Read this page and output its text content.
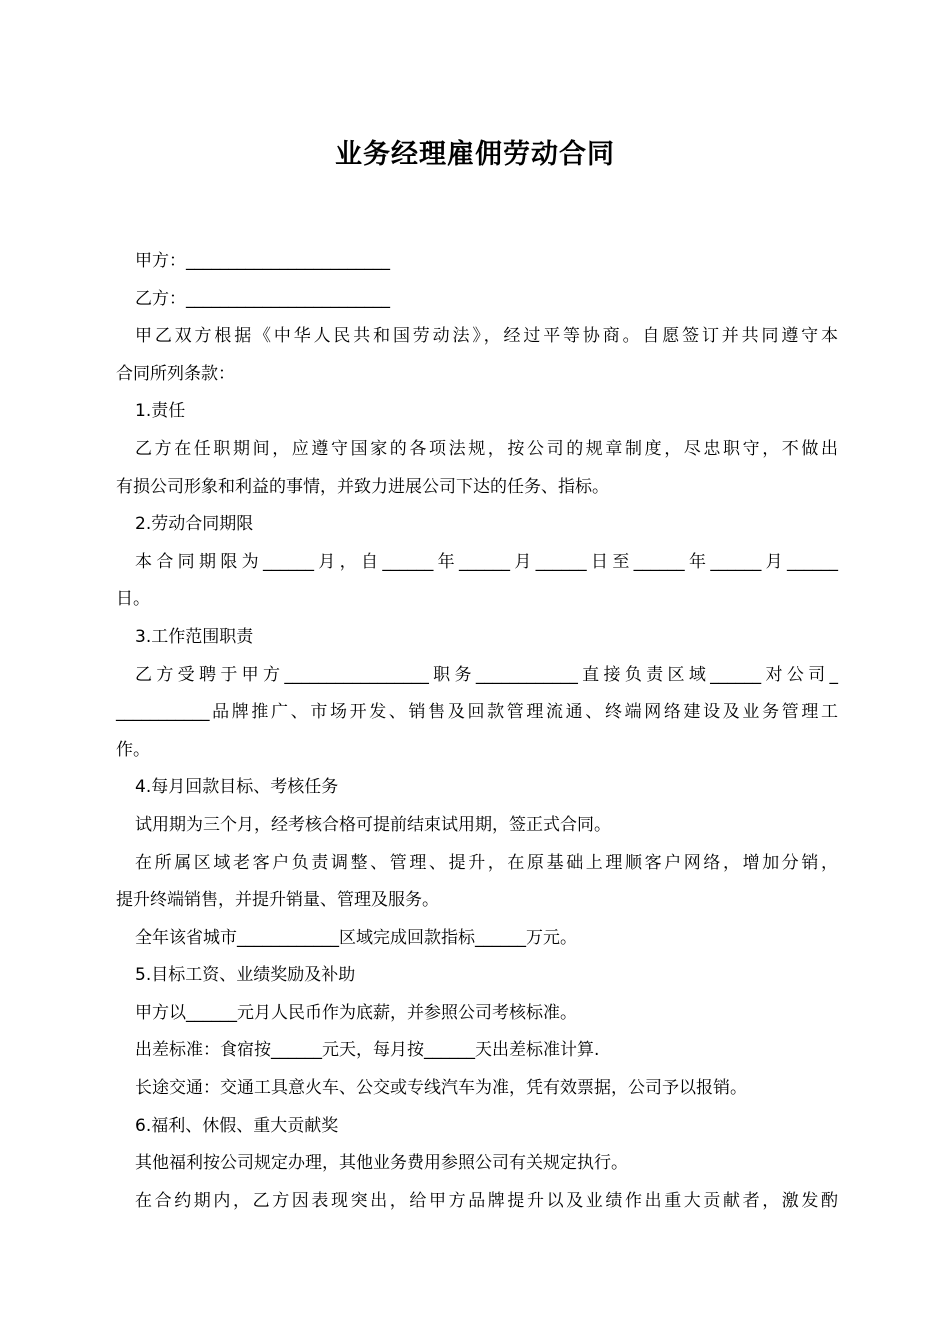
业务经理雇佣劳动合同
甲方：________________________
乙方：________________________
甲乙双方根据《中华人民共和国劳动法》，经过平等协商。自愿签订并共同遵守本
合同所列条款：
1.责任
乙方在任职期间，应遵守国家的各项法规，按公司的规章制度，尽忠职守，不做出
有损公司形象和利益的事情，并致力进展公司下达的任务、指标。
2.劳动合同期限
本合同期限为______月，自______年______月______日至______年______月______
日。
3.工作范围职责
乙方受聘于甲方_________________职务____________直接负责区域______对公司_
___________品牌推广、市场开发、销售及回款管理流通、终端网络建设及业务管理工
作。
4.每月回款目标、考核任务
试用期为三个月，经考核合格可提前结束试用期，签正式合同。
在所属区域老客户负责调整、管理、提升，在原基础上理顺客户网络，增加分销，
提升终端销售，并提升销量、管理及服务。
全年该省城市____________区域完成回款指标______万元。
5.目标工资、业绩奖励及补助
甲方以______元月人民币作为底薪，并参照公司考核标准。
出差标准：食宿按______元天，每月按______天出差标准计算.
长途交通：交通工具意火车、公交或专线汽车为准，凭有效票据，公司予以报销。
6.福利、休假、重大贡献奖
其他福利按公司规定办理，其他业务费用参照公司有关规定执行。
在合约期内，乙方因表现突出，给甲方品牌提升以及业绩作出重大贡献者，激发酌
